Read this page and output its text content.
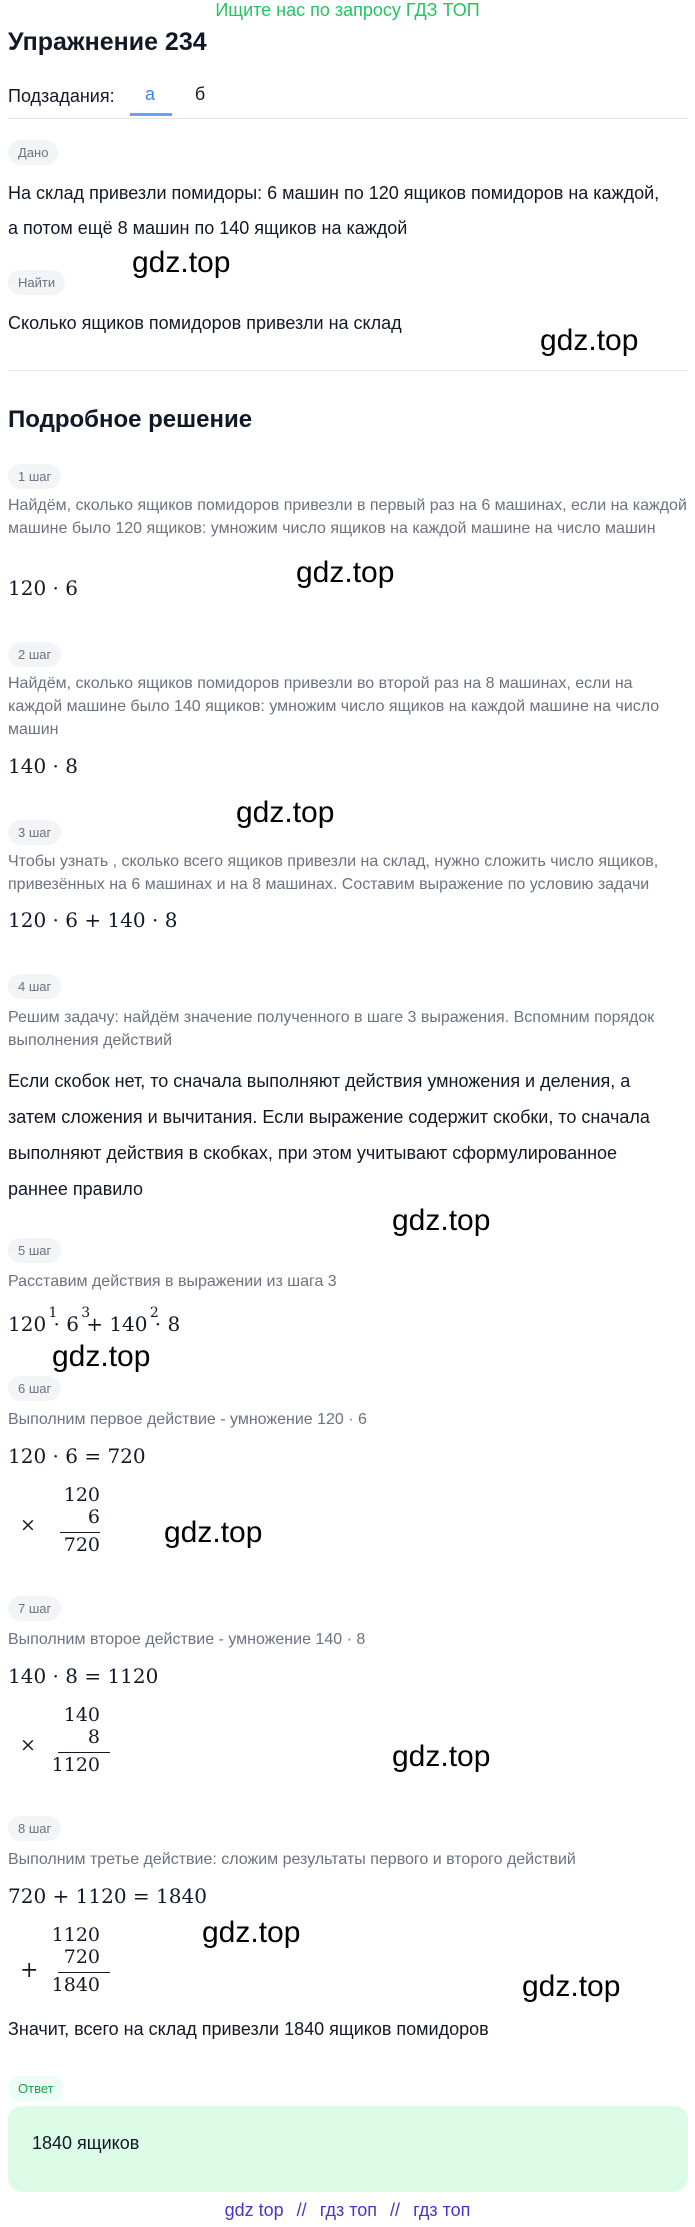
Ищите нас по запросу ГДЗ ТОП
Упражнение 234
Подзадания:	а	б
Дано
На склад привезли помидоры: 6 машин по 120 ящиков помидоров на каждой,
а потом ещё 8 машин по 140 ящиков на каждой
Найти
Сколько ящиков помидоров привезли на склад
Подробное решение
1 шаг
Найдём, сколько ящиков помидоров привезли в первый раз на 6 машинах, если на каждой машине было 120 ящиков: умножим число ящиков на каждой машине на число машин
120 · 6
2 шаг
Найдём, сколько ящиков помидоров привезли во второй раз на 8 машинах, если на каждой машине было 140 ящиков: умножим число ящиков на каждой машине на число машин
140 · 8
3 шаг
Чтобы узнать , сколько всего ящиков привезли на склад, нужно сложить число ящиков, привезённых на 6 машинах и на 8 машинах. Составим выражение по условию задачи
120 · 6 + 140 · 8
4 шаг
Решим задачу: найдём значение полученного в шаге 3 выражения. Вспомним порядок выполнения действий
Если скобок нет, то сначала выполняют действия умножения и деления, а
затем сложения и вычитания. Если выражение содержит скобки, то сначала
выполняют действия в скобках, при этом учитывают сформулированное
раннее правило
5 шаг
Расставим действия в выражении из шага 3
120 $^1$· 6 $^3$+ 140 $^2$· 8
6 шаг
Выполним первое действие - умножение 120 · 6
120 · 6 = 720
120
×	6
720
7 шаг
Выполним второе действие - умножение 140 · 8
140 · 8 = 1120
140
×	8
1120
8 шаг
Выполним третье действие: сложим результаты первого и второго действий
720 + 1120 = 1840
1120
+
720
1840
Значит, всего на склад привезли 1840 ящиков помидоров
Ответ
1840 ящиков
gdz.top
gdz.top
gdz.top
gdz.top
gdz.top
gdz.top
gdz.top
gdz.top
gdz.top
gdz.top
gdz top // гдз топ // гдз топ
